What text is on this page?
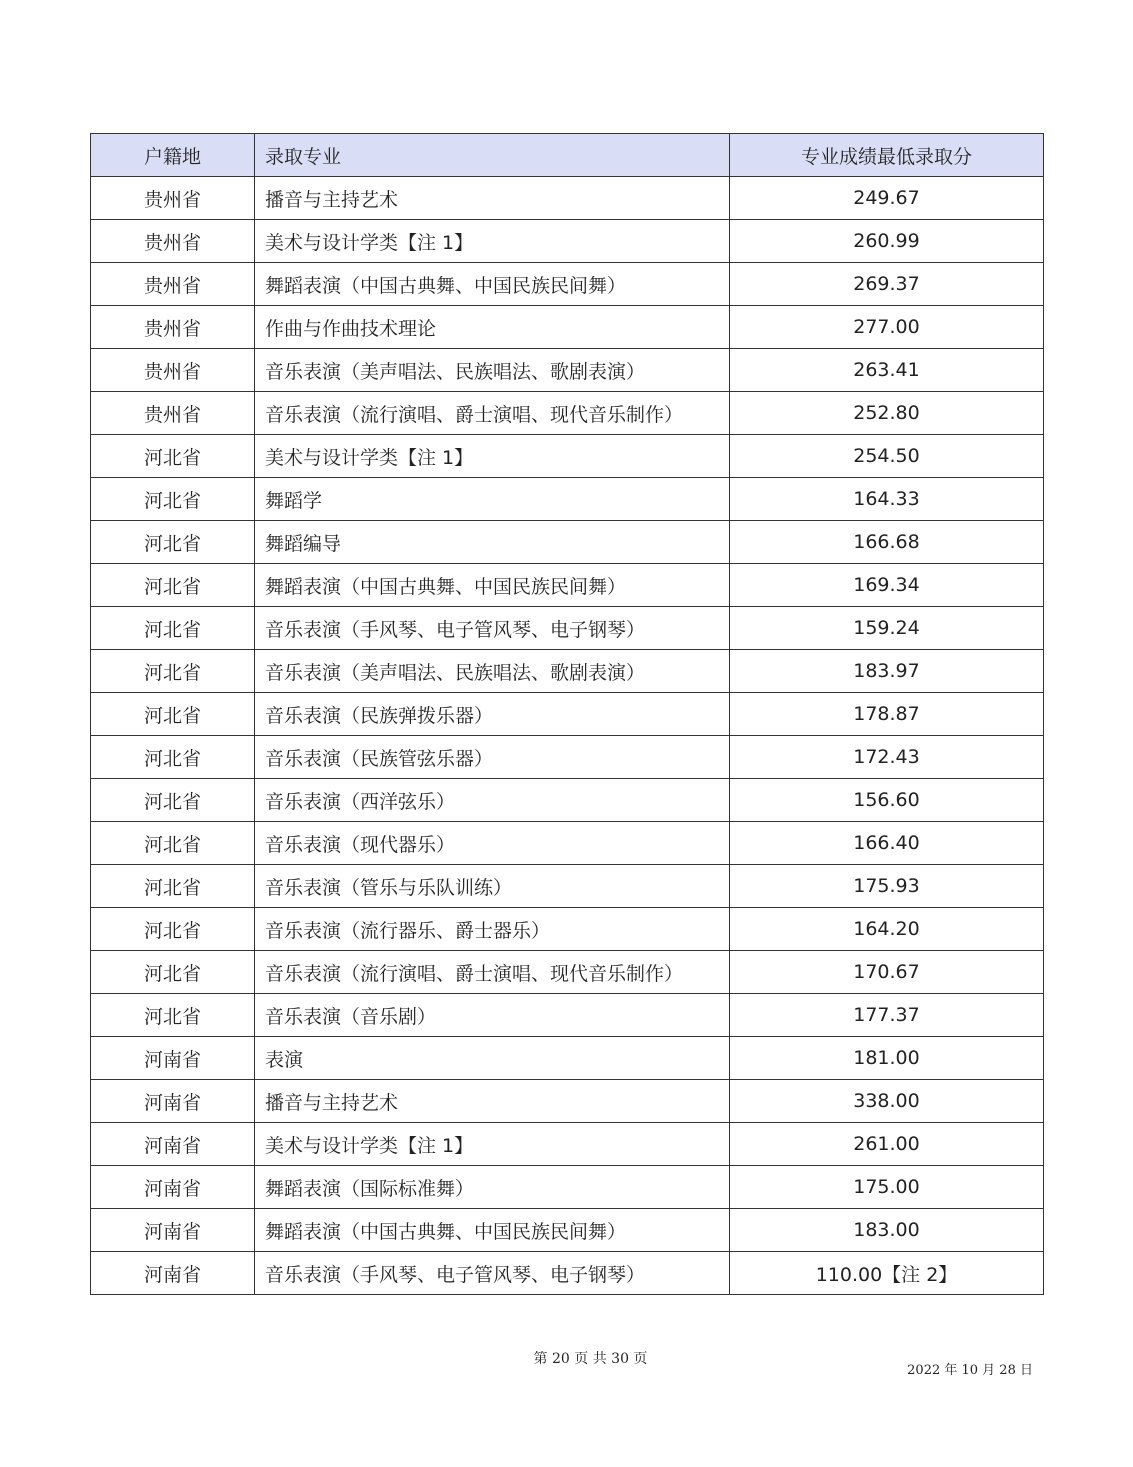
户籍地	录取专业	专业成绩最低录取分
贵州省	播音与主持艺术	249.67
贵州省	美术与设计学类【注 1】	260.99
贵州省	舞蹈表演（中国古典舞、中国民族民间舞）	269.37
贵州省	作曲与作曲技术理论	277.00
贵州省	音乐表演（美声唱法、民族唱法、歌剧表演）	263.41
贵州省	音乐表演（流行演唱、爵士演唱、现代音乐制作）	252.80
河北省	美术与设计学类【注 1】	254.50
河北省	舞蹈学	164.33
河北省	舞蹈编导	166.68
河北省	舞蹈表演（中国古典舞、中国民族民间舞）	169.34
河北省	音乐表演（手风琴、电子管风琴、电子钢琴）	159.24
河北省	音乐表演（美声唱法、民族唱法、歌剧表演）	183.97
河北省	音乐表演（民族弹拨乐器）	178.87
河北省	音乐表演（民族管弦乐器）	172.43
河北省	音乐表演（西洋弦乐）	156.60
河北省	音乐表演（现代器乐）	166.40
河北省	音乐表演（管乐与乐队训练）	175.93
河北省	音乐表演（流行器乐、爵士器乐）	164.20
河北省	音乐表演（流行演唱、爵士演唱、现代音乐制作）	170.67
河北省	音乐表演（音乐剧）	177.37
河南省	表演	181.00
河南省	播音与主持艺术	338.00
河南省	美术与设计学类【注 1】	261.00
河南省	舞蹈表演（国际标准舞）	175.00
河南省	舞蹈表演（中国古典舞、中国民族民间舞）	183.00
河南省	音乐表演（手风琴、电子管风琴、电子钢琴）	110.00【注 2】
第 20 页 共 30 页
2022 年 10 月 28 日
